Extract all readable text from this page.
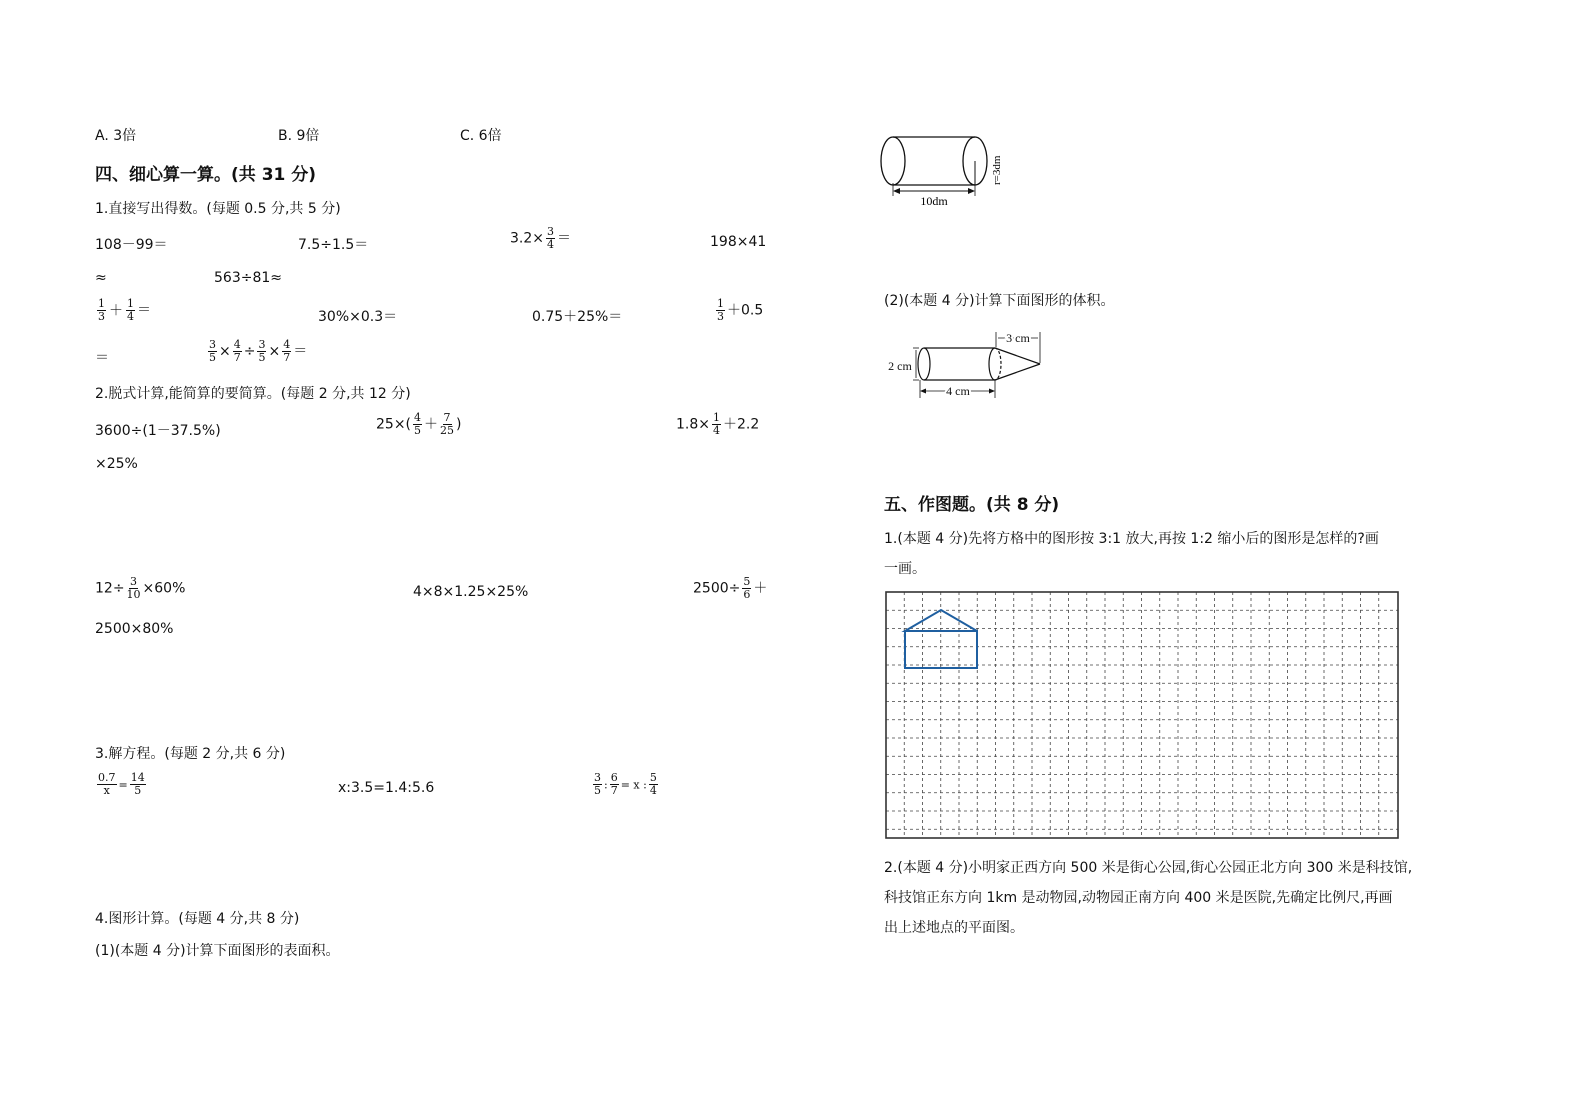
A. 3倍	B. 9倍	C. 6倍
四、细心算一算。(共 31 分)
1.直接写出得数。(每题 0.5 分,共 5 分)
108－99＝	7.5÷1.5＝	$3.2\times \frac{3}{4}$ ＝	198×41
≈	563÷81≈
$\frac{1}{3} + \frac{1}{4}$ ＝	30%×0.3＝	0.75＋25%＝	$\frac{1}{3} +0.5$
＝	$\frac{3}{5} \times \frac{4}{7} \div \frac{3}{5} \times \frac{4}{7}$ ＝
2.脱式计算,能简算的要简算。(每题 2 分,共 12 分)
3600÷(1－37.5%)	$25\times( \frac{4}{5} + \frac{7}{25}$ )	$1.8\times \frac{1}{4} +2.2$
×25%
$12\div \frac{3}{10} \times 60\%$	4×8×1.25×25%	$2500\div \frac{5}{6}$ ＋
2500×80%
3.解方程。(每题 2 分,共 6 分)
$\frac{0.7}{x} = \frac{14}{5}$	x:3.5=1.4:5.6	$\frac{3}{5}$ : $\frac{6}{7} = x$ : $\frac{5}{4}$
4.图形计算。(每题 4 分,共 8 分)
(1)(本题 4 分)计算下面图形的表面积。
10dm
r=3dm
(2)(本题 4 分)计算下面图形的体积。
3 cm
2 cm
4 cm
五、作图题。(共 8 分)
1.(本题 4 分)先将方格中的图形按 3:1 放大,再按 1:2 缩小后的图形是怎样的?画
一画。
2.(本题 4 分)小明家正西方向 500 米是街心公园,街心公园正北方向 300 米是科技馆,
科技馆正东方向 1km 是动物园,动物园正南方向 400 米是医院,先确定比例尺,再画
出上述地点的平面图。
